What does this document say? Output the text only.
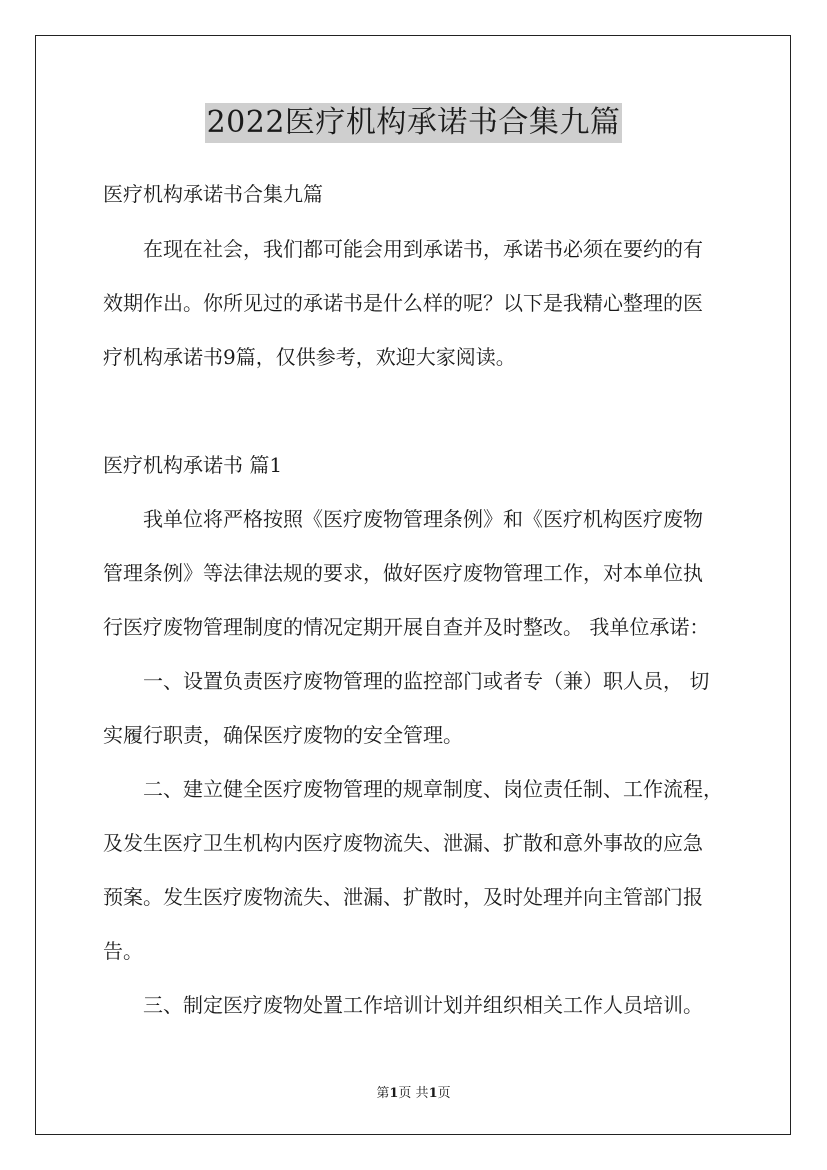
2022医疗机构承诺书合集九篇
医疗机构承诺书合集九篇
在现在社会，我们都可能会用到承诺书，承诺书必须在要约的有
效期作出。你所见过的承诺书是什么样的呢？以下是我精心整理的医
疗机构承诺书9篇，仅供参考，欢迎大家阅读。
医疗机构承诺书 篇1
我单位将严格按照《医疗废物管理条例》和《医疗机构医疗废物
管理条例》等法律法规的要求，做好医疗废物管理工作，对本单位执
行医疗废物管理制度的情况定期开展自查并及时整改。 我单位承诺：
一、设置负责医疗废物管理的监控部门或者专（兼）职人员， 切
实履行职责，确保医疗废物的安全管理。
二、建立健全医疗废物管理的规章制度、岗位责任制、工作流程，
及发生医疗卫生机构内医疗废物流失、泄漏、扩散和意外事故的应急
预案。发生医疗废物流失、泄漏、扩散时，及时处理并向主管部门报
告。
三、制定医疗废物处置工作培训计划并组织相关工作人员培训。
第1页 共1页
